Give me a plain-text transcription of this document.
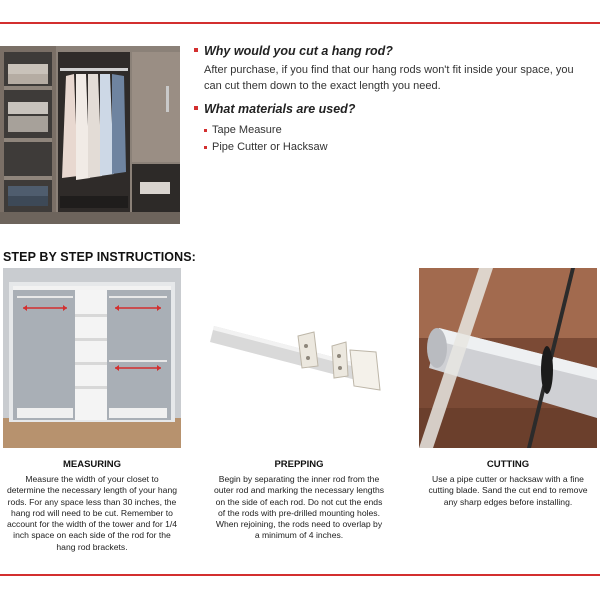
Why would you cut a hang rod?
After purchase, if you find that our hang rods won't fit inside your space, you can cut them down to the exact length you need.
What materials are used?
Tape Measure
Pipe Cutter or Hacksaw
STEP BY STEP INSTRUCTIONS:
MEASURING	PREPPING	CUTTING
Measure the width of your closet to determine the necessary length of your hang rods. For any space less than 30 inches, the hang rod will need to be cut. Remember to account for the width of the tower and for 1/4 inch space on each side of the rod for the hang rod brackets.
Begin by separating the inner rod from the outer rod and marking the necessary lengths on the side of each rod. Do not cut the ends of the rods with pre-drilled mounting holes. When rejoining, the rods need to overlap by a minimum of 4 inches.
Use a pipe cutter or hacksaw with a fine cutting blade. Sand the cut end to remove any sharp edges before installing.
